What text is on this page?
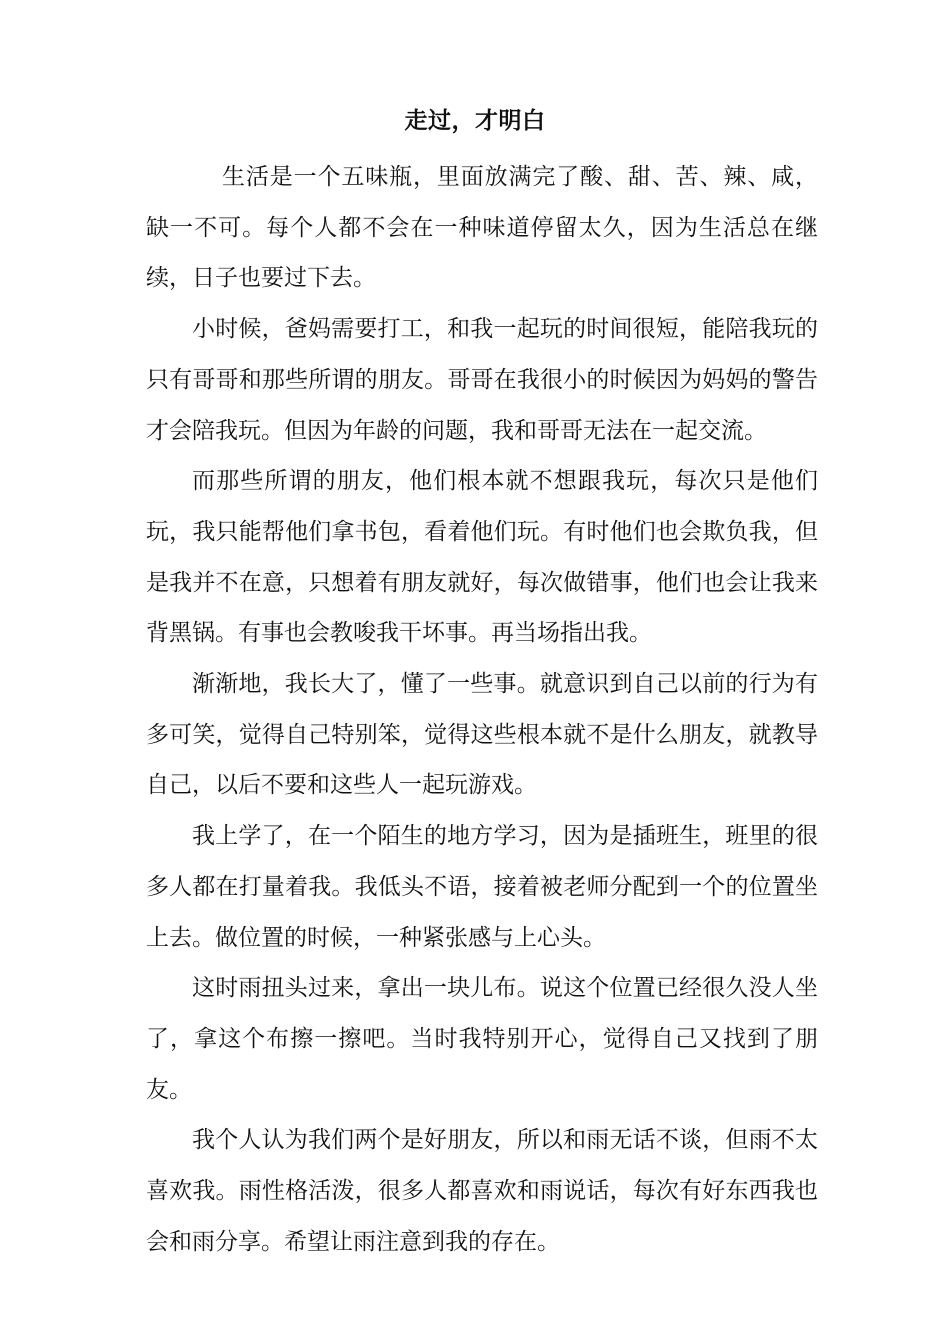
走过，才明白

生活是一个五味瓶，里面放满完了酸、甜、苦、辣、咸，缺一不可。每个人都不会在一种味道停留太久，因为生活总在继续，日子也要过下去。

小时候，爸妈需要打工，和我一起玩的时间很短，能陪我玩的只有哥哥和那些所谓的朋友。哥哥在我很小的时候因为妈妈的警告才会陪我玩。但因为年龄的问题，我和哥哥无法在一起交流。

而那些所谓的朋友，他们根本就不想跟我玩，每次只是他们玩，我只能帮他们拿书包，看着他们玩。有时他们也会欺负我，但是我并不在意，只想着有朋友就好，每次做错事，他们也会让我来背黑锅。有事也会教唆我干坏事。再当场指出我。

渐渐地，我长大了，懂了一些事。就意识到自己以前的行为有多可笑，觉得自己特别笨，觉得这些根本就不是什么朋友，就教导自己，以后不要和这些人一起玩游戏。

我上学了，在一个陌生的地方学习，因为是插班生，班里的很多人都在打量着我。我低头不语，接着被老师分配到一个的位置坐上去。做位置的时候，一种紧张感与上心头。

这时雨扭头过来，拿出一块儿布。说这个位置已经很久没人坐了，拿这个布擦一擦吧。当时我特别开心，觉得自己又找到了朋友。

我个人认为我们两个是好朋友，所以和雨无话不谈，但雨不太喜欢我。雨性格活泼，很多人都喜欢和雨说话，每次有好东西我也会和雨分享。希望让雨注意到我的存在。
